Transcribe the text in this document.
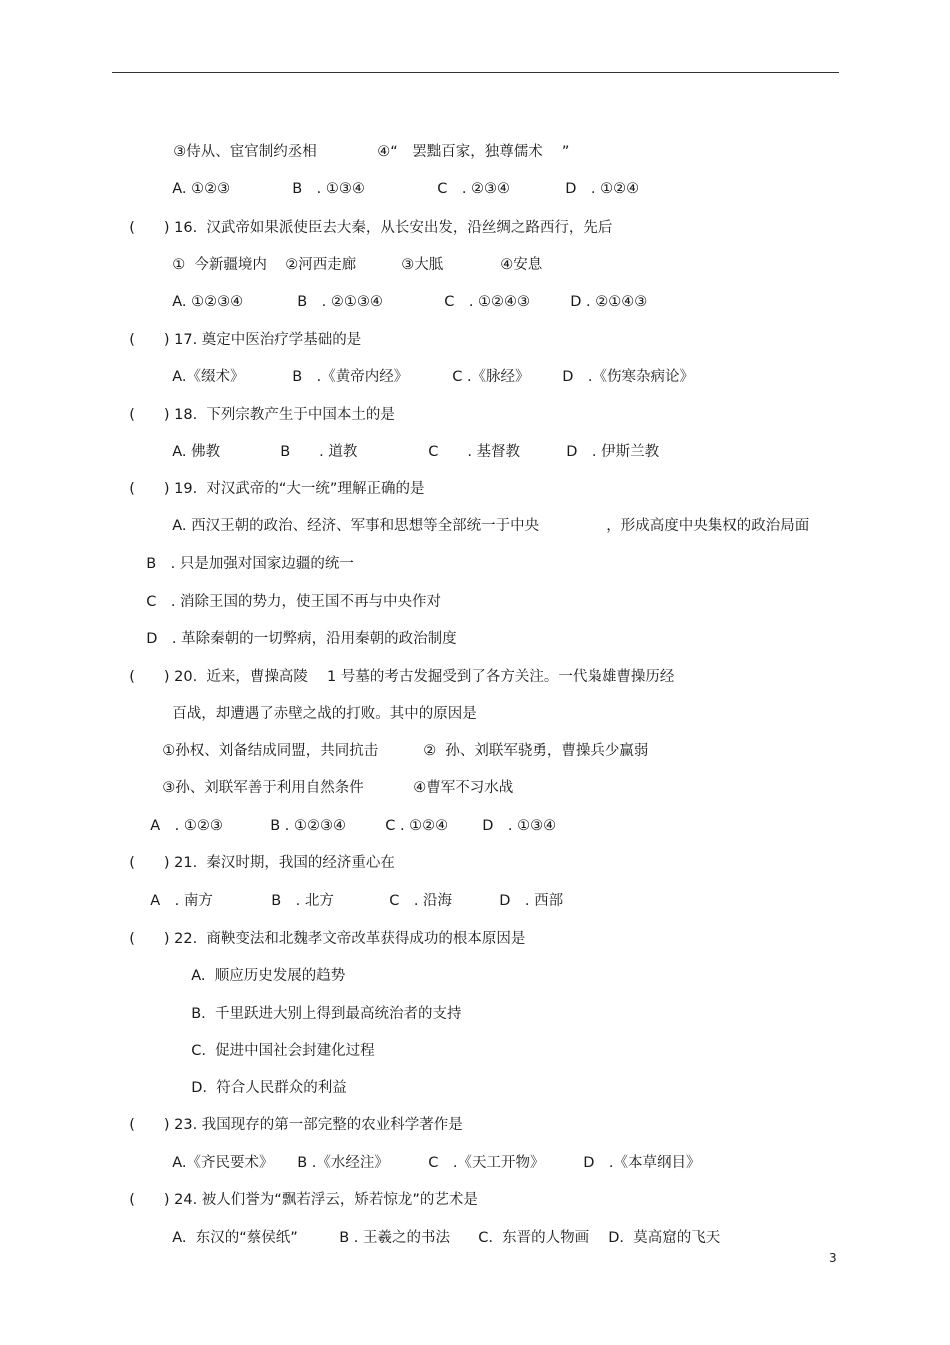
③侍从、宦官制约丞相	④“　罢黜百家，独尊儒术　 ”

A. ①②③	B　. ①③④	C　. ②③④	D　. ①②④

(　　) 16.  汉武帝如果派使臣去大秦，从长安出发，沿丝绸之路西行，先后

①  今新疆境内 ②河西走廊	③大胝	④安息

A. ①②③④	B　. ②①③④	C　. ①②④③	D . ②①④③

(　　) 17. 奠定中医治疗学基础的是

A.《缀术》	B　.《黄帝内经》	C .《脉经》 D　.《伤寒杂病论》

(　　) 18.  下列宗教产生于中国本土的是

A. 佛教	B　　. 道教	C　　. 基督教	D　. 伊斯兰教

(　　) 19.  对汉武帝的“大一统”理解正确的是

A. 西汉王朝的政治、经济、军事和思想等全部统一于中央	，形成高度中央集权的政治局面

B　. 只是加强对国家边疆的统一

C　. 消除王国的势力，使王国不再与中央作对

D　. 革除秦朝的一切弊病，沿用秦朝的政治制度

(　　) 20.  近来，曹操高陵　 1 号墓的考古发掘受到了各方关注。一代枭雄曹操历经

百战，却遭遇了赤壁之战的打败。其中的原因是

①孙权、刘备结成同盟，共同抗击	②  孙、刘联军骁勇，曹操兵少赢弱

③孙、刘联军善于利用自然条件	④曹军不习水战

A　. ①②③	B . ①②③④	C . ①②④ D　. ①③④

(　　) 21.  秦汉时期，我国的经济重心在

A　. 南方	B　. 北方	C　. 沿海	D　. 西部

(　　) 22.  商鞅变法和北魏孝文帝改革获得成功的根本原因是

A.  顺应历史发展的趋势

B.  千里跃进大别上得到最高统治者的支持

C.  促进中国社会封建化过程

D.  符合人民群众的利益

(　　) 23. 我国现存的第一部完整的农业科学著作是

A.《齐民要术》 B .《水经注》	C　.《天工开物》	D　.《本草纲目》

(　　) 24. 被人们誉为“飘若浮云，矫若惊龙”的艺术是

A.  东汉的“蔡侯纸”	B . 王羲之的书法 C.  东晋的人物画 D.  莫高窟的飞天

3
